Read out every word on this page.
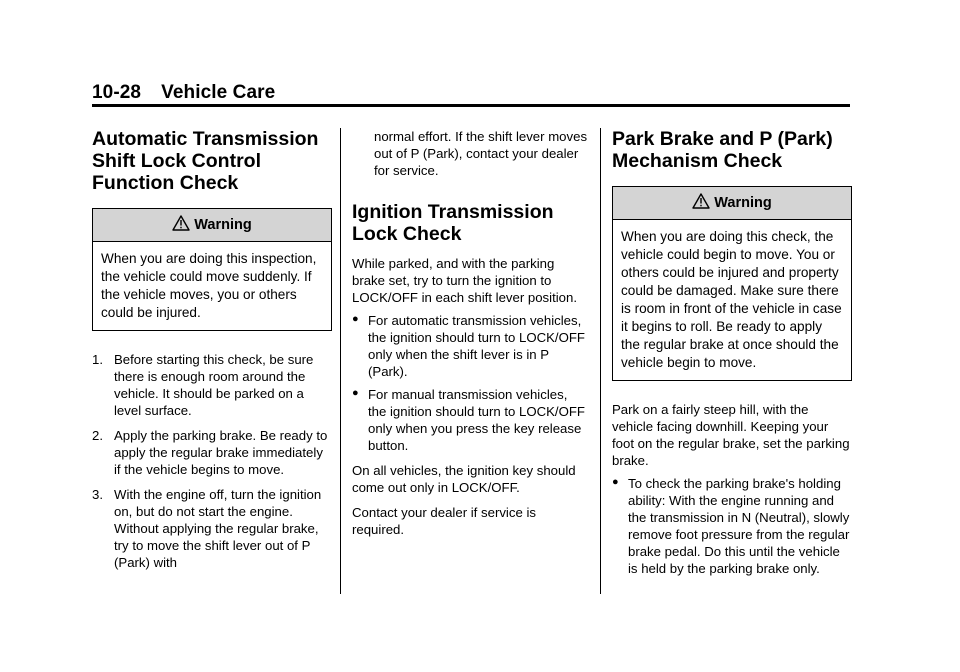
10-28 Vehicle Care
Automatic Transmission
Shift Lock Control
Function Check
Warning
When you are doing this inspection, the vehicle could move suddenly. If the vehicle moves, you or others could be injured.
1. Before starting this check, be sure there is enough room around the vehicle. It should be parked on a level surface.
2. Apply the parking brake. Be ready to apply the regular brake immediately if the vehicle begins to move.
3. With the engine off, turn the ignition on, but do not start the engine. Without applying the regular brake, try to move the shift lever out of P (Park) with

normal effort. If the shift lever moves out of P (Park), contact your dealer for service.

Ignition Transmission
Lock Check

While parked, and with the parking brake set, try to turn the ignition to LOCK/OFF in each shift lever position.

● For automatic transmission vehicles, the ignition should turn to LOCK/OFF only when the shift lever is in P (Park).
● For manual transmission vehicles, the ignition should turn to LOCK/OFF only when you press the key release button.

On all vehicles, the ignition key should come out only in LOCK/OFF.

Contact your dealer if service is required.

Park Brake and P (Park)
Mechanism Check
Warning
When you are doing this check, the vehicle could begin to move. You or others could be injured and property could be damaged. Make sure there is room in front of the vehicle in case it begins to roll. Be ready to apply the regular brake at once should the vehicle begin to move.

Park on a fairly steep hill, with the vehicle facing downhill. Keeping your foot on the regular brake, set the parking brake.

● To check the parking brake's holding ability: With the engine running and the transmission in N (Neutral), slowly remove foot pressure from the regular brake pedal. Do this until the vehicle is held by the parking brake only.
